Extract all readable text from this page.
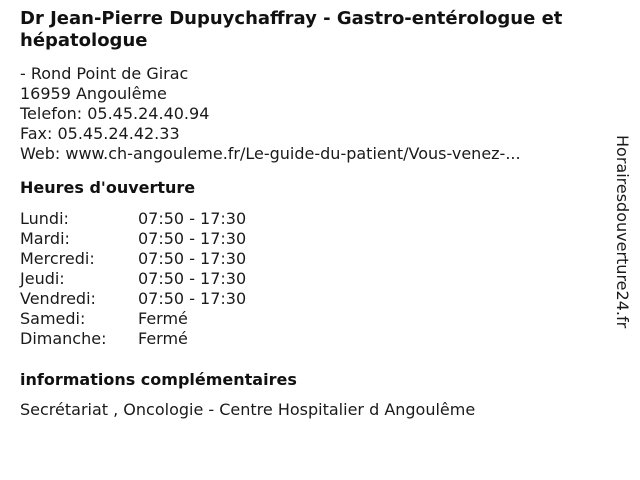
Dr Jean-Pierre Dupuychaffray - Gastro-entérologue et hépatologue
- Rond Point de Girac
16959 Angoulême
Telefon: 05.45.24.40.94
Fax: 05.45.24.42.33
Web: www.ch-angouleme.fr/Le-guide-du-patient/Vous-venez-...
Heures d'ouverture
Lundi:	07:50 - 17:30
Mardi:	07:50 - 17:30
Mercredi:	07:50 - 17:30
Jeudi:	07:50 - 17:30
Vendredi:	07:50 - 17:30
Samedi:	Fermé
Dimanche:	Fermé
informations complémentaires
Secrétariat , Oncologie - Centre Hospitalier d Angoulême
Horairesdouverture24.fr
